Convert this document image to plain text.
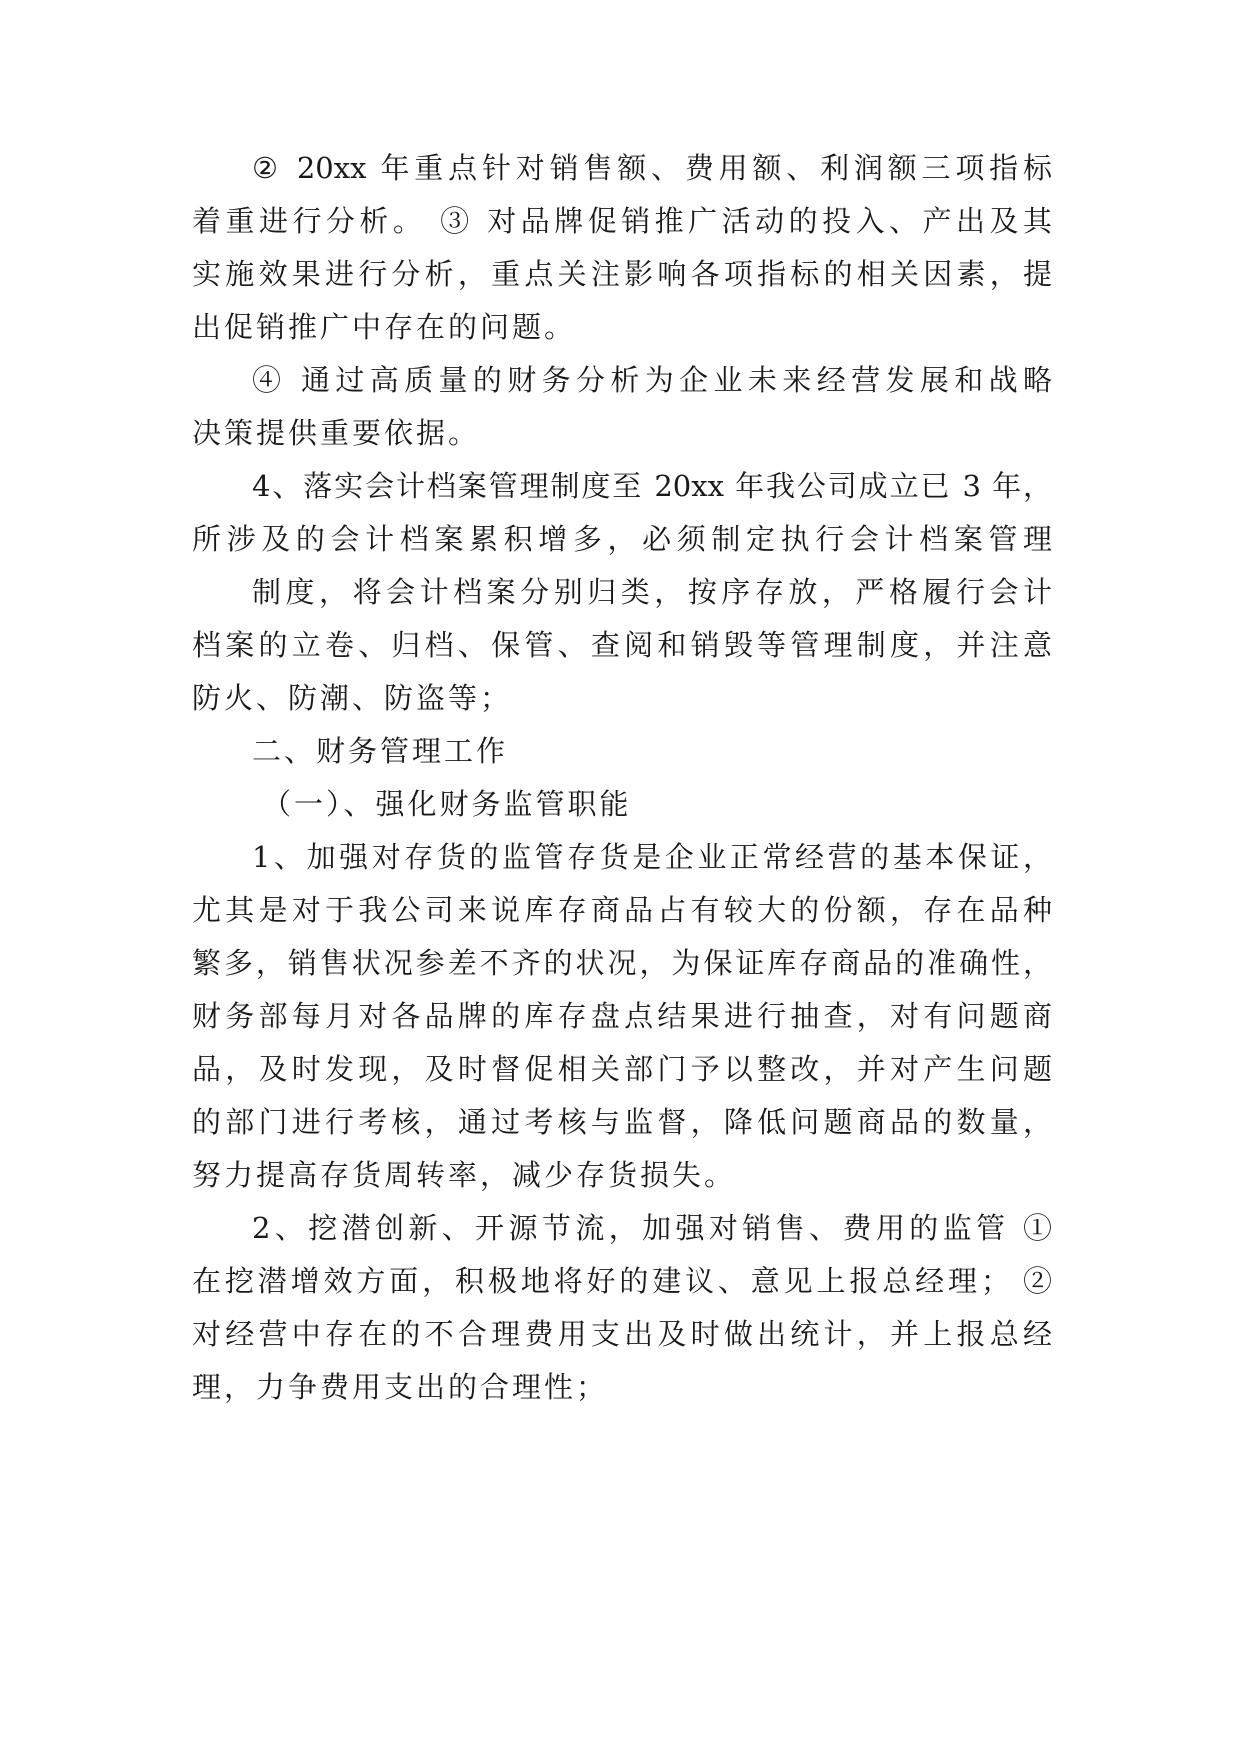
② 20xx 年重点针对销售额、费用额、利润额三项指标
着重进行分析。 ③ 对品牌促销推广活动的投入、产出及其
实施效果进行分析，重点关注影响各项指标的相关因素，提
出促销推广中存在的问题。
④ 通过高质量的财务分析为企业未来经营发展和战略
决策提供重要依据。
4、落实会计档案管理制度至 20xx 年我公司成立已 3 年，
所涉及的会计档案累积增多，必须制定执行会计档案管理
制度，将会计档案分别归类，按序存放，严格履行会计
档案的立卷、归档、保管、查阅和销毁等管理制度，并注意
防火、防潮、防盗等；
二、财务管理工作
（一）、强化财务监管职能
1、加强对存货的监管存货是企业正常经营的基本保证，
尤其是对于我公司来说库存商品占有较大的份额，存在品种
繁多，销售状况参差不齐的状况，为保证库存商品的准确性，
财务部每月对各品牌的库存盘点结果进行抽查，对有问题商
品，及时发现，及时督促相关部门予以整改，并对产生问题
的部门进行考核，通过考核与监督，降低问题商品的数量，
努力提高存货周转率，减少存货损失。
2、挖潜创新、开源节流，加强对销售、费用的监管 ①
在挖潜增效方面，积极地将好的建议、意见上报总经理； ②
对经营中存在的不合理费用支出及时做出统计，并上报总经
理，力争费用支出的合理性；
